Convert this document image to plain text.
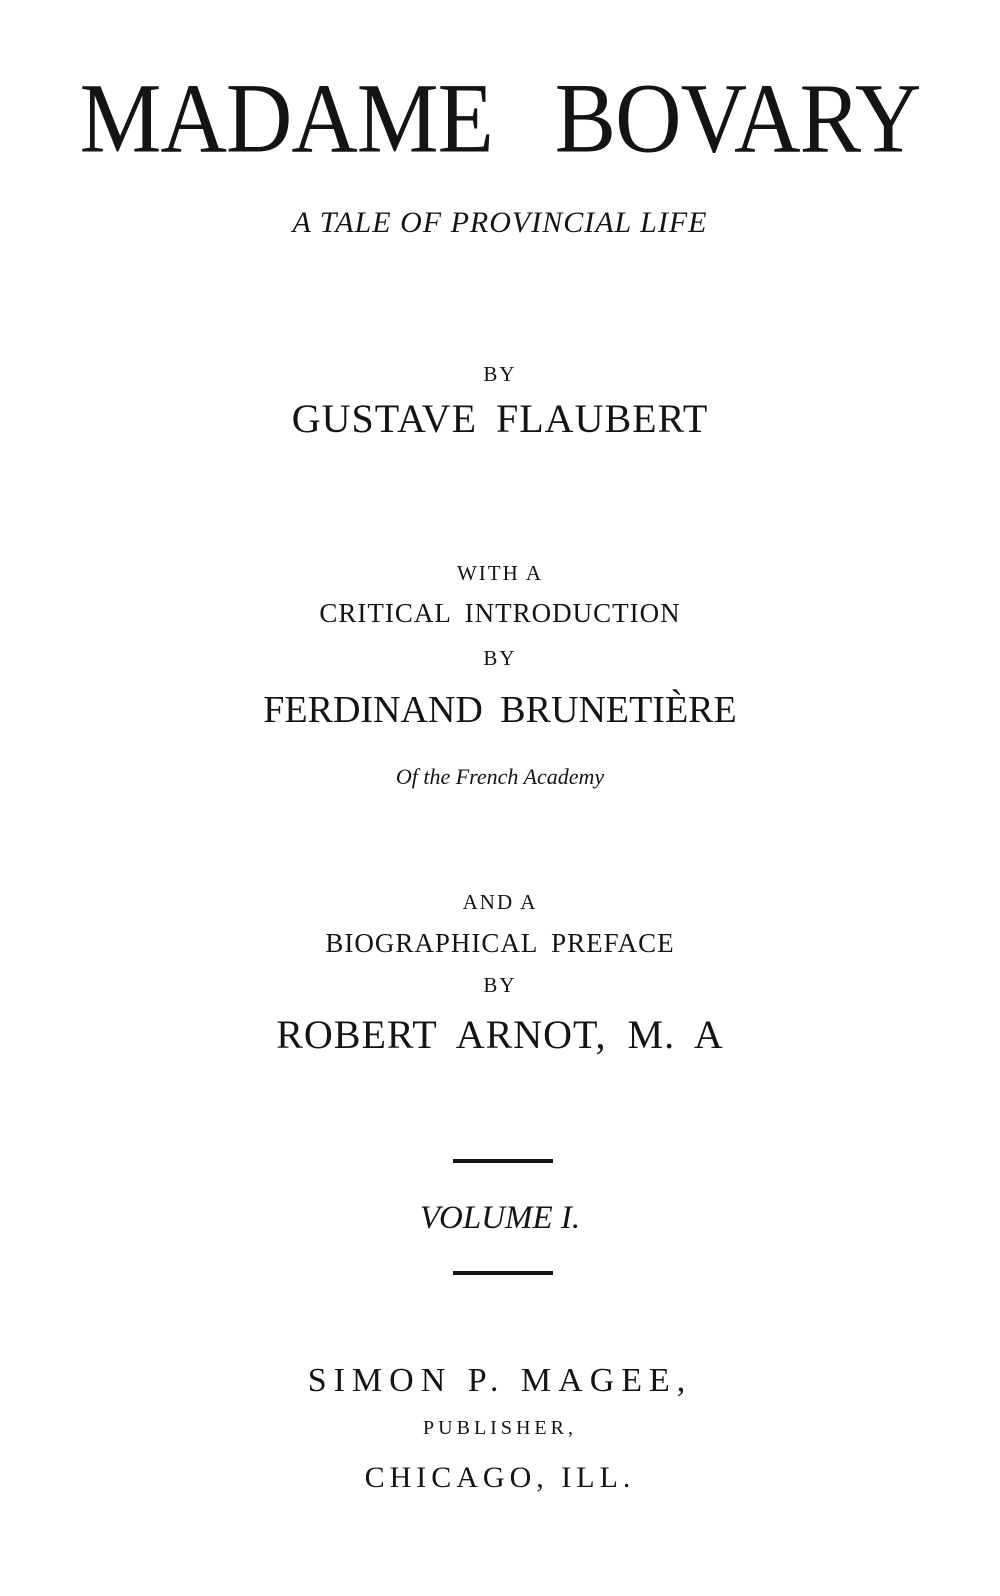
MADAME BOVARY
A TALE OF PROVINCIAL LIFE
BY
GUSTAVE FLAUBERT
WITH A
CRITICAL INTRODUCTION
BY
FERDINAND BRUNETIÈRE
Of the French Academy
AND A
BIOGRAPHICAL PREFACE
BY
ROBERT ARNOT, M. A
VOLUME I.
SIMON P. MAGEE,
PUBLISHER,
CHICAGO, ILL.
